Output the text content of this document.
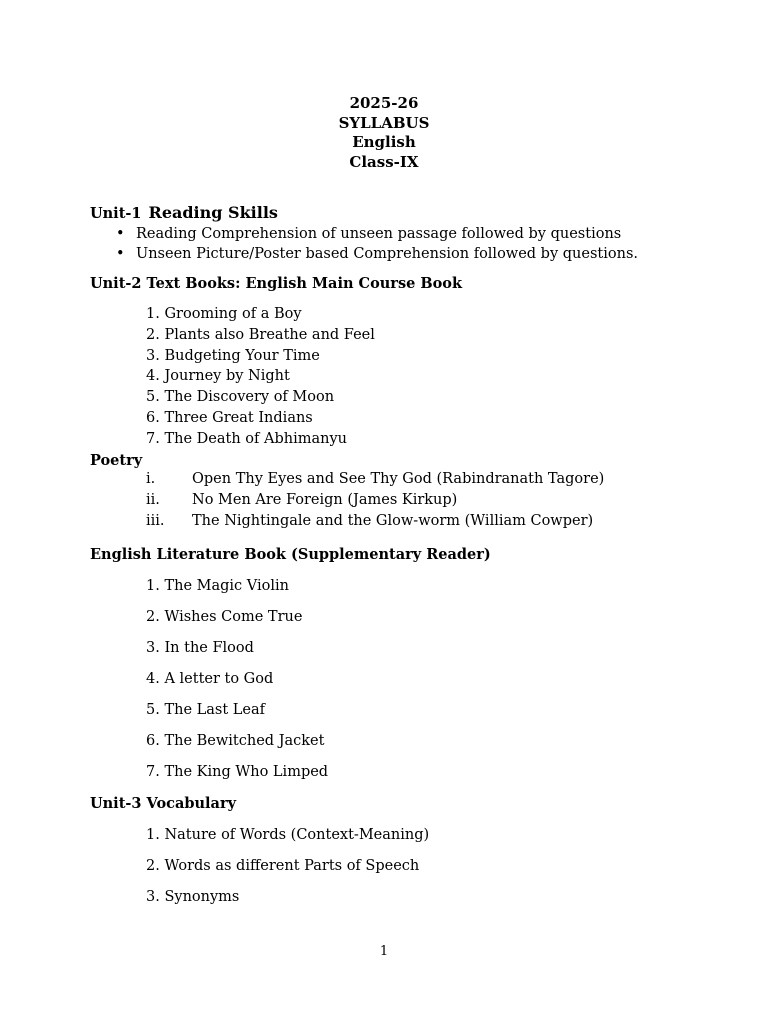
2025-26
SYLLABUS
English
Class-IX
Unit-1 Reading Skills
• Reading Comprehension of unseen passage followed by questions
• Unseen Picture/Poster based Comprehension followed by questions.
Unit-2 Text Books: English Main Course Book
1. Grooming of a Boy
2. Plants also Breathe and Feel
3. Budgeting Your Time
4. Journey by Night
5. The Discovery of Moon
6. Three Great Indians
7. The Death of Abhimanyu
Poetry
i.	Open Thy Eyes and See Thy God (Rabindranath Tagore)
ii.	No Men Are Foreign (James Kirkup)
iii.	The Nightingale and the Glow-worm (William Cowper)
English Literature Book (Supplementary Reader)
1. The Magic Violin
2. Wishes Come True
3. In the Flood
4. A letter to God
5. The Last Leaf
6. The Bewitched Jacket
7. The King Who Limped
Unit-3 Vocabulary
1. Nature of Words (Context-Meaning)
2. Words as different Parts of Speech
3. Synonyms
1
